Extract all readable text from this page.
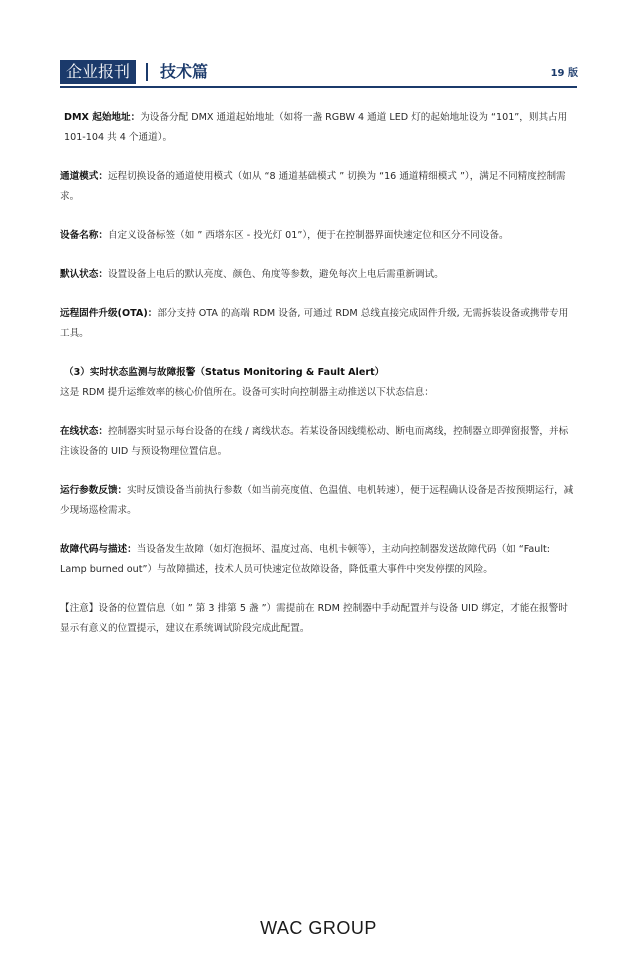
企业报刊	技术篇	19 版

DMX 起始地址：为设备分配 DMX 通道起始地址（如将一盏 RGBW 4 通道 LED 灯的起始地址设为 “101”，则其占用 101-104 共 4 个通道）。

通道模式：远程切换设备的通道使用模式（如从 “8 通道基础模式 ” 切换为 “16 通道精细模式 ”），满足不同精度控制需求。

设备名称：自定义设备标签（如 ” 西塔东区 - 投光灯 01”），便于在控制器界面快速定位和区分不同设备。

默认状态：设置设备上电后的默认亮度、颜色、角度等参数，避免每次上电后需重新调试。

远程固件升级(OTA)：部分支持 OTA 的高端 RDM 设备, 可通过 RDM 总线直接完成固件升级, 无需拆装设备或携带专用工具。

（3）实时状态监测与故障报警（Status Monitoring & Fault Alert）

这是 RDM 提升运维效率的核心价值所在。设备可实时向控制器主动推送以下状态信息：

在线状态：控制器实时显示每台设备的在线 / 离线状态。若某设备因线缆松动、断电而离线，控制器立即弹窗报警，并标注该设备的 UID 与预设物理位置信息。

运行参数反馈：实时反馈设备当前执行参数（如当前亮度值、色温值、电机转速），便于远程确认设备是否按预期运行，减少现场巡检需求。

故障代码与描述：当设备发生故障（如灯泡损坏、温度过高、电机卡顿等），主动向控制器发送故障代码（如 “Fault: Lamp burned out”）与故障描述，技术人员可快速定位故障设备，降低重大事件中突发停摆的风险。

【注意】设备的位置信息（如 ” 第 3 排第 5 盏 ”）需提前在 RDM 控制器中手动配置并与设备 UID 绑定，才能在报警时显示有意义的位置提示，建议在系统调试阶段完成此配置。

WAC GROUP
